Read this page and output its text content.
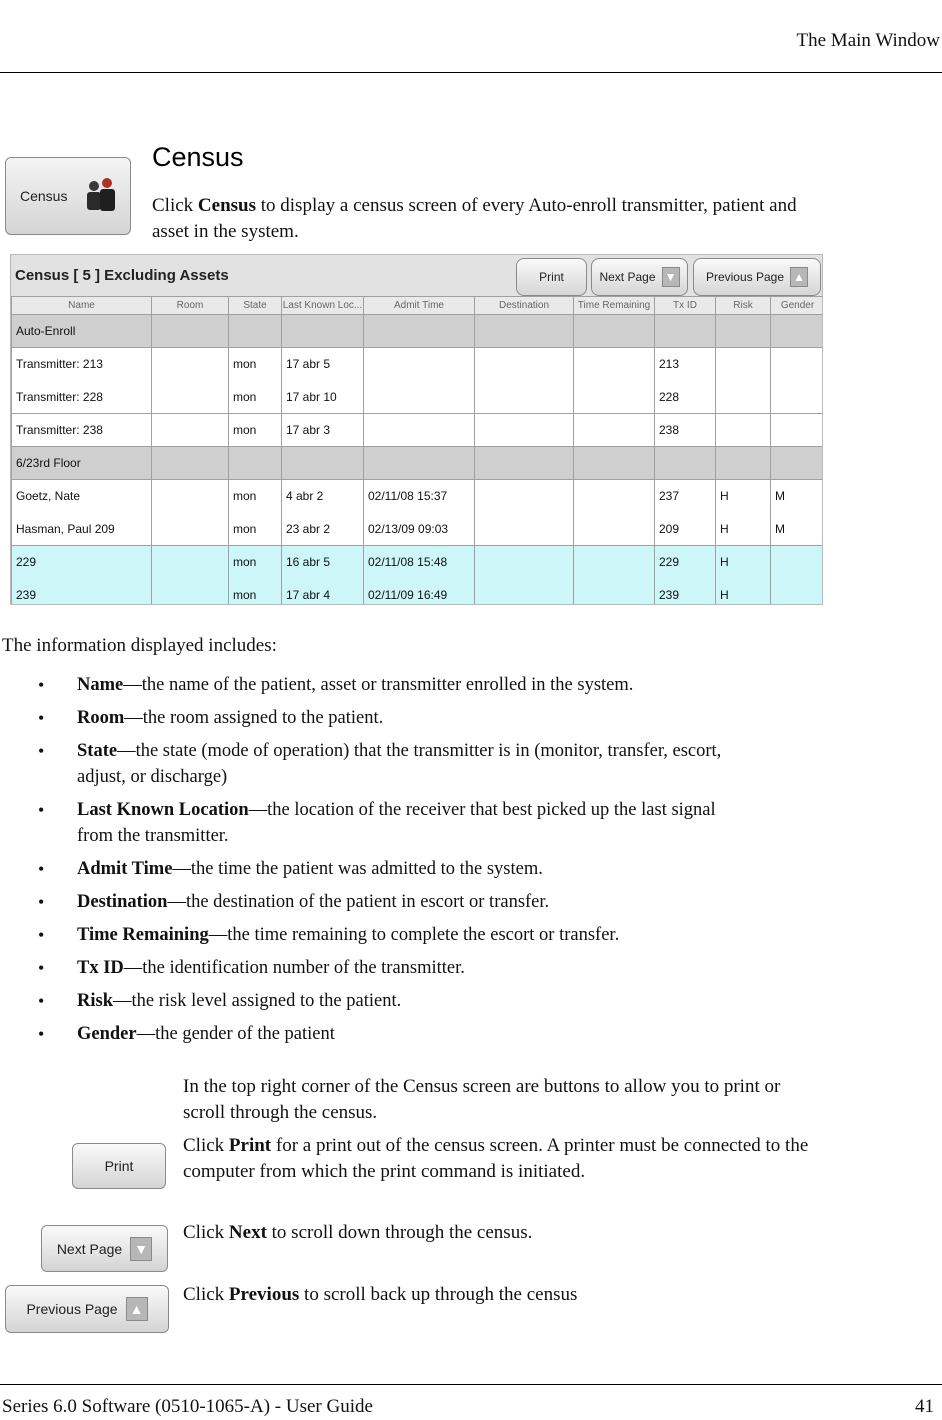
The Main Window
Census
Census
Click Census to display a census screen of every Auto-enroll transmitter, patient and asset in the system.
Census [ 5 ] Excluding Assets	Print	Next Page ▼ Previous Page ▲
Name	Room	State	Last Known Loc...	Admit Time	Destination	Time Remaining	Tx ID	Risk	Gender
Auto-Enroll									
Transmitter: 213		mon	17 abr 5				213		
Transmitter: 228		mon	17 abr 10				228		
Transmitter: 238		mon	17 abr 3				238		
6/23rd Floor									
Goetz, Nate		mon	4 abr 2	02/11/08 15:37			237	H	M
Hasman, Paul 209		mon	23 abr 2	02/13/09 09:03			209	H	M
229		mon	16 abr 5	02/11/08 15:48			229	H	
239		mon	17 abr 4	02/11/09 16:49			239	H	
The information displayed includes:
• Name—the name of the patient, asset or transmitter enrolled in the system.
• Room—the room assigned to the patient.
• State—the state (mode of operation) that the transmitter is in (monitor, transfer, escort, adjust, or discharge)
• Last Known Location—the location of the receiver that best picked up the last signal from the transmitter.
• Admit Time—the time the patient was admitted to the system.
• Destination—the destination of the patient in escort or transfer.
• Time Remaining—the time remaining to complete the escort or transfer.
• Tx ID—the identification number of the transmitter.
• Risk—the risk level assigned to the patient.
• Gender—the gender of the patient
In the top right corner of the Census screen are buttons to allow you to print or scroll through the census.
Print
Click Print for a print out of the census screen. A printer must be connected to the computer from which the print command is initiated.
Next Page ▼
Click Next to scroll down through the census.
Previous Page ▲
Click Previous to scroll back up through the census
Series 6.0 Software (0510-1065-A) - User Guide	41
